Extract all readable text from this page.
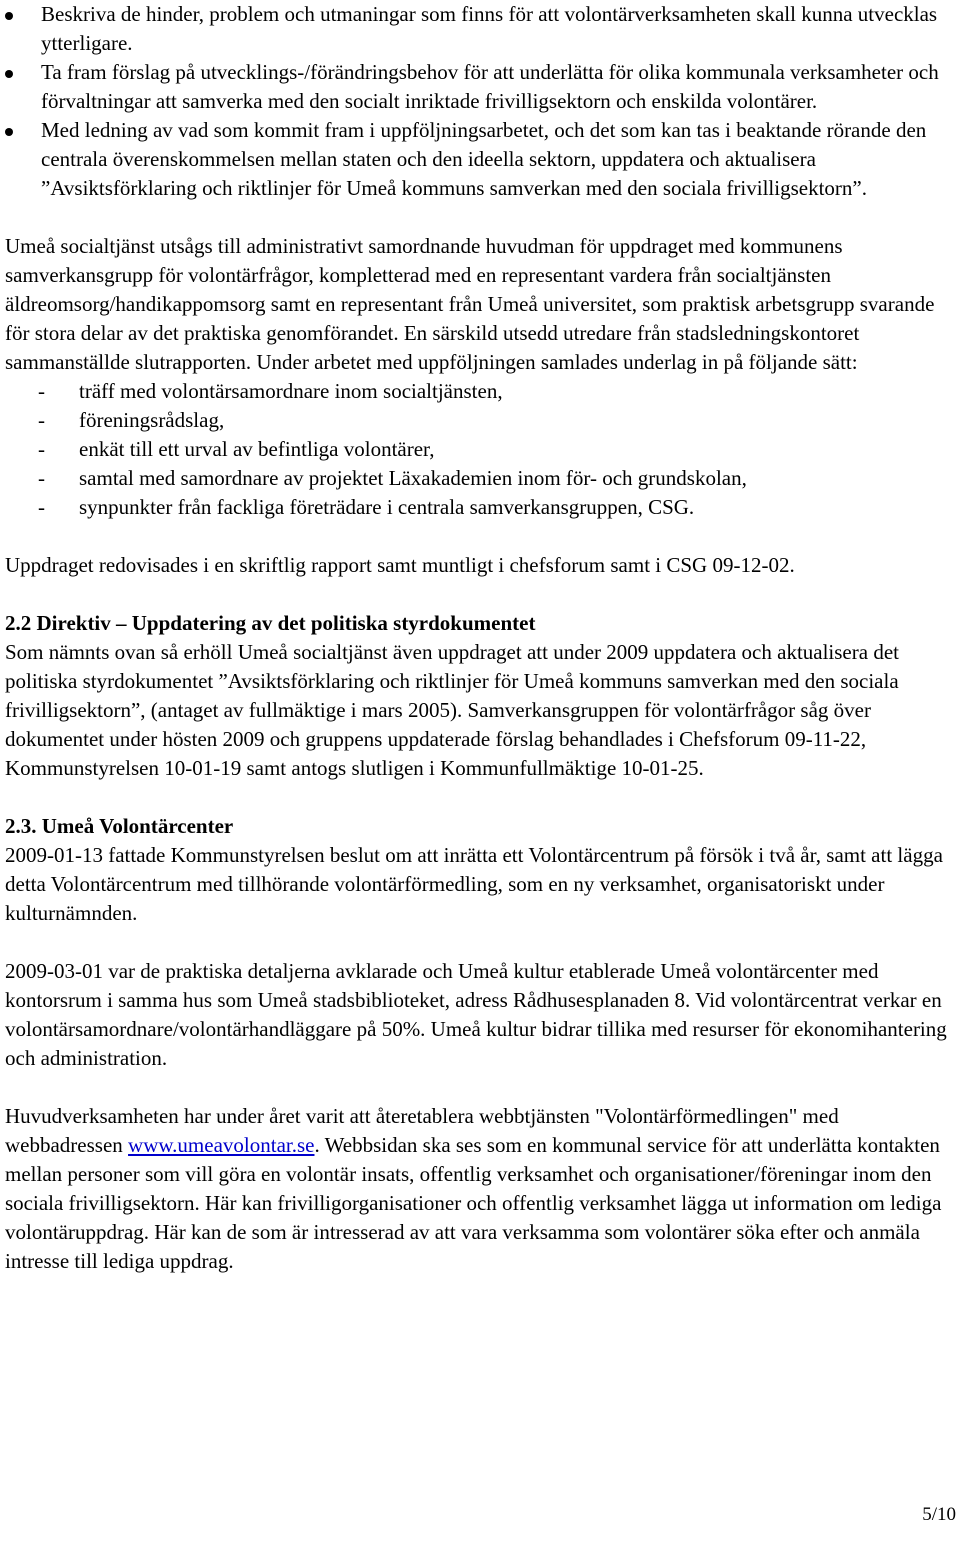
Beskriva de hinder, problem och utmaningar som finns för att volontärverksamheten skall kunna utvecklas ytterligare.
Ta fram förslag på utvecklings-/förändringsbehov för att underlätta för olika kommunala verksamheter och förvaltningar att samverka med den socialt inriktade frivilligsektorn och enskilda volontärer.
Med ledning av vad som kommit fram i uppföljningsarbetet, och det som kan tas i beaktande rörande den centrala överenskommelsen mellan staten och den ideella sektorn, uppdatera och aktualisera ”Avsiktsförklaring och riktlinjer för Umeå kommuns samverkan med den sociala frivilligsektorn”.

Umeå socialtjänst utsågs till administrativt samordnande huvudman för uppdraget med kommunens samverkansgrupp för volontärfrågor, kompletterad med en representant vardera från socialtjänsten äldreomsorg/handikappomsorg samt en representant från Umeå universitet, som praktisk arbetsgrupp svarande för stora delar av det praktiska genomförandet. En särskild utsedd utredare från stadsledningskontoret sammanställde slutrapporten. Under arbetet med uppföljningen samlades underlag in på följande sätt:

- träff med volontärsamordnare inom socialtjänsten,
- föreningsrådslag,
- enkät till ett urval av befintliga volontärer,
- samtal med samordnare av projektet Läxakademien inom för- och grundskolan,
- synpunkter från fackliga företrädare i centrala samverkansgruppen, CSG.

Uppdraget redovisades i en skriftlig rapport samt muntligt i chefsforum samt i CSG 09-12-02.

2.2 Direktiv – Uppdatering av det politiska styrdokumentet

Som nämnts ovan så erhöll Umeå socialtjänst även uppdraget att under 2009 uppdatera och aktualisera det politiska styrdokumentet ”Avsiktsförklaring och riktlinjer för Umeå kommuns samverkan med den sociala frivilligsektorn”, (antaget av fullmäktige i mars 2005). Samverkansgruppen för volontärfrågor såg över dokumentet under hösten 2009 och gruppens uppdaterade förslag behandlades i Chefsforum 09-11-22, Kommunstyrelsen 10-01-19 samt antogs slutligen i Kommunfullmäktige 10-01-25.

2.3. Umeå Volontärcenter

2009-01-13 fattade Kommunstyrelsen beslut om att inrätta ett Volontärcentrum på försök i två år, samt att lägga detta Volontärcentrum med tillhörande volontärförmedling, som en ny verksamhet, organisatoriskt under kulturnämnden.

2009-03-01 var de praktiska detaljerna avklarade och Umeå kultur etablerade Umeå volontärcenter med kontorsrum i samma hus som Umeå stadsbiblioteket, adress Rådhusesplanaden 8. Vid volontärcentrat verkar en volontärsamordnare/volontärhandläggare på 50%. Umeå kultur bidrar tillika med resurser för ekonomihantering och administration.

Huvudverksamheten har under året varit att återetablera webbtjänsten "Volontärförmedlingen" med webbadressen www.umeavolontar.se. Webbsidan ska ses som en kommunal service för att underlätta kontakten mellan personer som vill göra en volontär insats, offentlig verksamhet och organisationer/föreningar inom den sociala frivilligsektorn. Här kan frivilligorganisationer och offentlig verksamhet lägga ut information om lediga volontäruppdrag. Här kan de som är intresserad av att vara verksamma som volontärer söka efter och anmäla intresse till lediga uppdrag.

5/10
